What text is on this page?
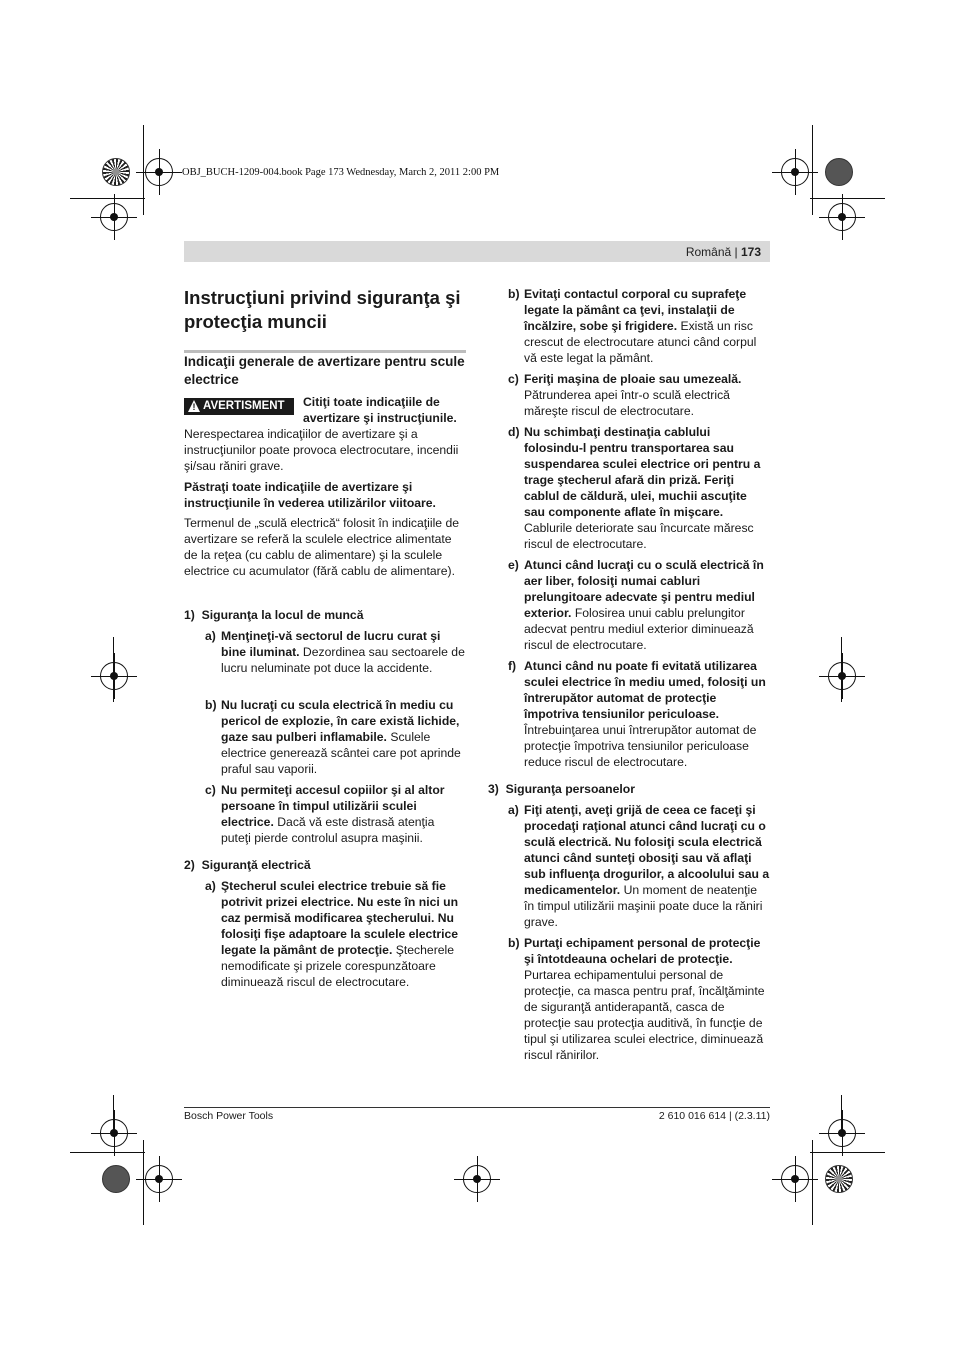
OBJ_BUCH-1209-004.book Page 173 Wednesday, March 2, 2011 2:00 PM
Română | 173
Instrucţiuni privind siguranţa şi protecţia muncii
Indicaţii generale de avertizare pentru scule electrice
! AVERTISMENT Citiţi toate indicaţiile de avertizare şi instrucţiunile.
Nerespectarea indicaţiilor de avertizare şi a instrucţiunilor poate provoca electrocutare, incendii şi/sau răniri grave.
Păstraţi toate indicaţiile de avertizare şi instrucţiunile în vederea utilizărilor viitoare.
Termenul de „sculă electrică“ folosit în indicaţiile de avertizare se referă la sculele electrice alimentate de la reţea (cu cablu de alimentare) şi la sculele electrice cu acumulator (fără cablu de alimentare).
1) Siguranţa la locul de muncă
a) Menţineţi-vă sectorul de lucru curat şi bine iluminat. Dezordinea sau sectoarele de lucru neluminate pot duce la accidente.

b) Nu lucraţi cu scula electrică în mediu cu pericol de explozie, în care există lichide, gaze sau pulberi inflamabile. Sculele electrice generează scântei care pot aprinde praful sau vaporii.

c) Nu permiteţi accesul copiilor şi al altor persoane în timpul utilizării sculei electrice. Dacă vă este distrasă atenţia puteţi pierde controlul asupra maşinii.

2) Siguranţă electrică
a) Ştecherul sculei electrice trebuie să fie potrivit prizei electrice. Nu este în nici un caz permisă modificarea ştecherului. Nu folosiţi fişe adaptoare la sculele electrice legate la pământ de protecţie. Ştecherele nemodificate şi prizele corespunzătoare diminuează riscul de electrocutare.

b) Evitaţi contactul corporal cu suprafeţe legate la pământ ca ţevi, instalaţii de încălzire, sobe şi frigidere. Există un risc crescut de electrocutare atunci când corpul vă este legat la pământ.

c) Feriţi maşina de ploaie sau umezeală. Pătrunderea apei într-o sculă electrică măreşte riscul de electrocutare.

d) Nu schimbaţi destinaţia cablului folosindu-l pentru transportarea sau suspendarea sculei electrice ori pentru a trage ştecherul afară din priză. Feriţi cablul de căldură, ulei, muchii ascuţite sau componente aflate în mişcare. Cablurile deteriorate sau încurcate măresc riscul de electrocutare.

e) Atunci când lucraţi cu o sculă electrică în aer liber, folosiţi numai cabluri prelungitoare adecvate şi pentru mediul exterior. Folosirea unui cablu prelungitor adecvat pentru mediul exterior diminuează riscul de electrocutare.

f) Atunci când nu poate fi evitată utilizarea sculei electrice în mediu umed, folosiţi un întrerupător automat de protecţie împotriva tensiunilor periculoase. Întrebuinţarea unui întrerupător automat de protecţie împotriva tensiunilor periculoase reduce riscul de electrocutare.

3) Siguranţa persoanelor
a) Fiţi atenţi, aveţi grijă de ceea ce faceţi şi procedaţi raţional atunci când lucraţi cu o sculă electrică. Nu folosiţi scula electrică atunci când sunteţi obosiţi sau vă aflaţi sub influenţa drogurilor, a alcoolului sau a medicamentelor. Un moment de neatenţie în timpul utilizării maşinii poate duce la răniri grave.

b) Purtaţi echipament personal de protecţie şi întotdeauna ochelari de protecţie. Purtarea echipamentului personal de protecţie, ca masca pentru praf, încălţăminte de siguranţă antiderapantă, casca de protecţie sau protecţia auditivă, în funcţie de tipul şi utilizarea sculei electrice, diminuează riscul rănirilor.

Bosch Power Tools	2 610 016 614 | (2.3.11)
